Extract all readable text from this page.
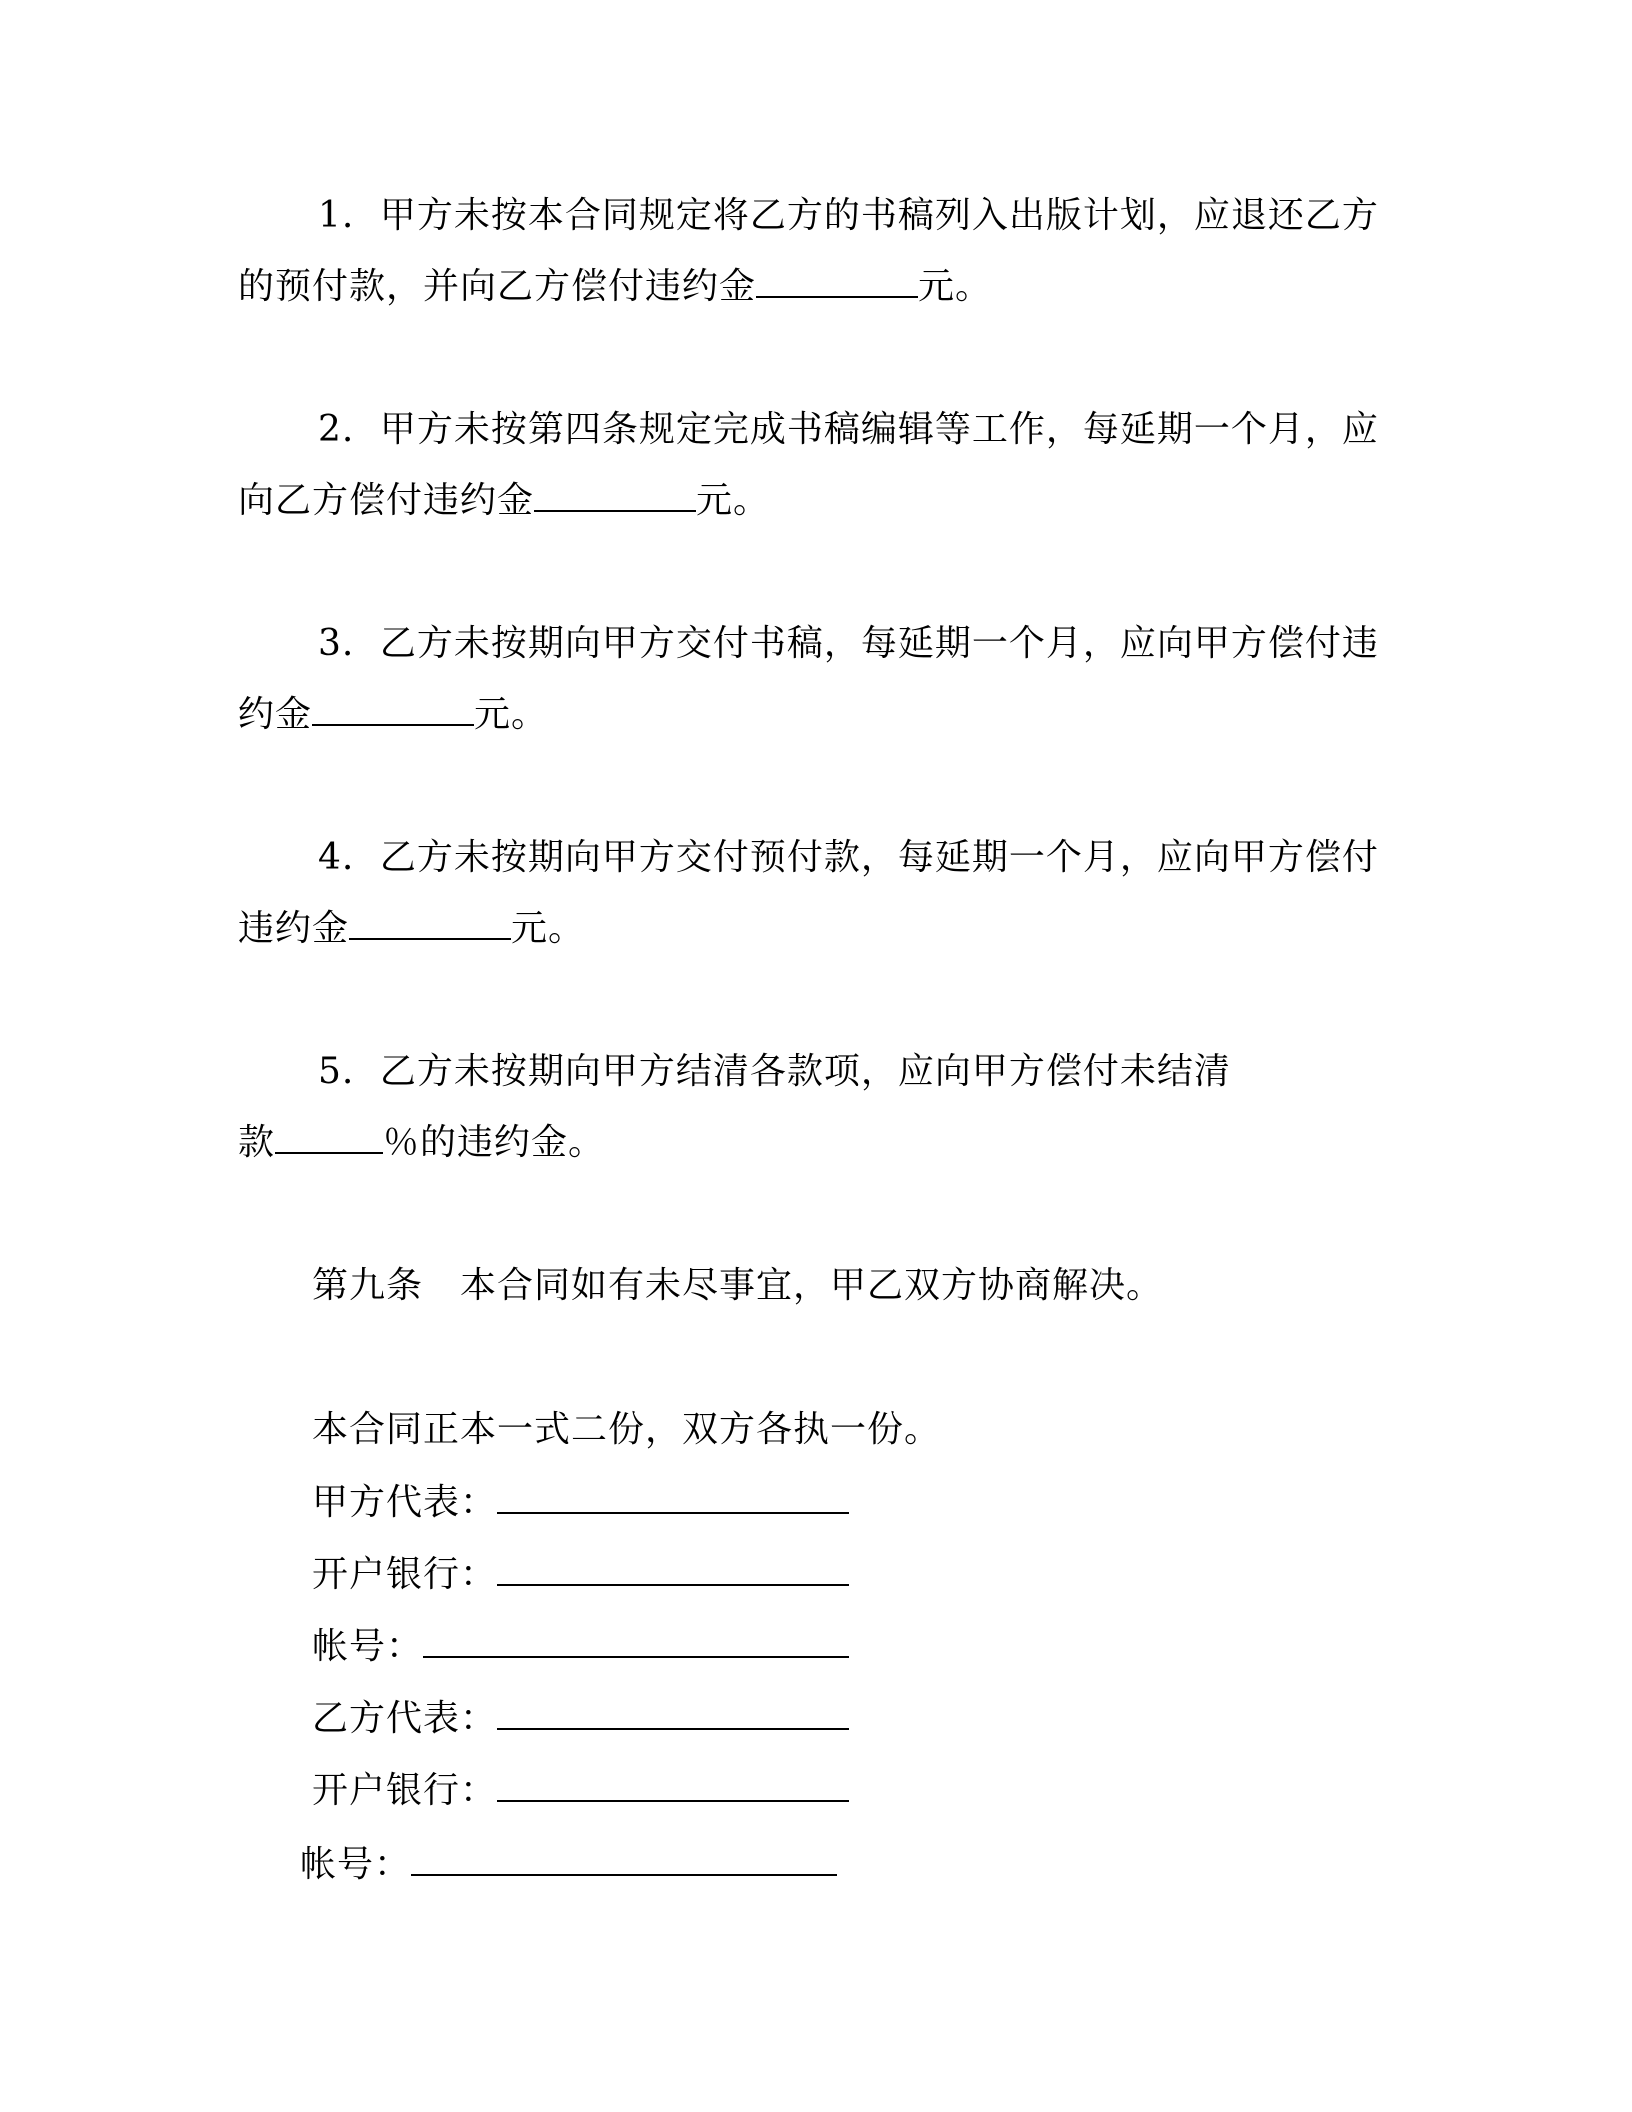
1. 甲方未按本合同规定将乙方的书稿列入出版计划，应退还乙方
的预付款，并向乙方偿付违约金	元。
2. 甲方未按第四条规定完成书稿编辑等工作，每延期一个月，应
向乙方偿付违约金	元。
3. 乙方未按期向甲方交付书稿，每延期一个月，应向甲方偿付违
约金	元。
4. 乙方未按期向甲方交付预付款，每延期一个月，应向甲方偿付
违约金	元。
5. 乙方未按期向甲方结清各款项，应向甲方偿付未结清
款	％的违约金。
第九条　本合同如有未尽事宜，甲乙双方协商解决。
本合同正本一式二份，双方各执一份。
甲方代表：
开户银行：
帐号：
乙方代表：
开户银行：
帐号：
